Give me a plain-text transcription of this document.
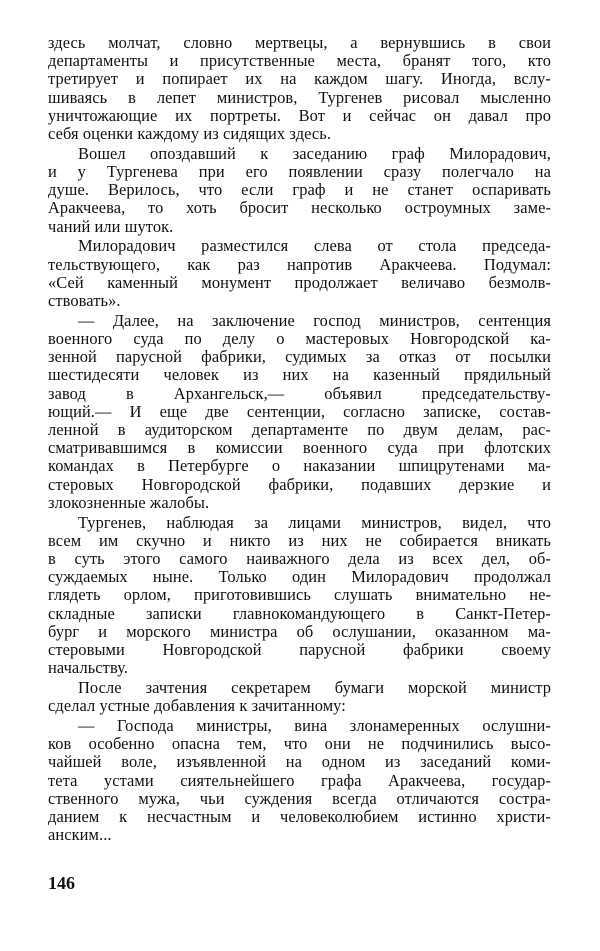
здесь молчат, словно мертвецы, а вернувшись в свои
департаменты и присутственные места, бранят того, кто
третирует и попирает их на каждом шагу. Иногда, вслу-
шиваясь в лепет министров, Тургенев рисовал мысленно
уничтожающие их портреты. Вот и сейчас он давал про
себя оценки каждому из сидящих здесь.
Вошел опоздавший к заседанию граф Милорадович,
и у Тургенева при его появлении сразу полегчало на
душе. Верилось, что если граф и не станет оспаривать
Аракчеева, то хоть бросит несколько остроумных заме-
чаний или шуток.
Милорадович разместился слева от стола председа-
тельствующего, как раз напротив Аракчеева. Подумал:
«Сей каменный монумент продолжает величаво безмолв-
ствовать».
— Далее, на заключение господ министров, сентенция
военного суда по делу о мастеровых Новгородской ка-
зенной парусной фабрики, судимых за отказ от посылки
шестидесяти человек из них на казенный прядильный
завод в Архангельск,— объявил председательству-
ющий.— И еще две сентенции, согласно записке, состав-
ленной в аудиторском департаменте по двум делам, рас-
сматривавшимся в комиссии военного суда при флотских
командах в Петербурге о наказании шпицрутенами ма-
стеровых Новгородской фабрики, подавших дерзкие и
злокозненные жалобы.
Тургенев, наблюдая за лицами министров, видел, что
всем им скучно и никто из них не собирается вникать
в суть этого самого наиважного дела из всех дел, об-
суждаемых ныне. Только один Милорадович продолжал
глядеть орлом, приготовившись слушать внимательно не-
складные записки главнокомандующего в Санкт-Петер-
бург и морского министра об ослушании, оказанном ма-
стеровыми Новгородской парусной фабрики своему
начальству.
После зачтения секретарем бумаги морской министр
сделал устные добавления к зачитанному:
— Господа министры, вина злонамеренных ослушни-
ков особенно опасна тем, что они не подчинились высо-
чайшей воле, изъявленной на одном из заседаний коми-
тета устами сиятельнейшего графа Аракчеева, государ-
ственного мужа, чьи суждения всегда отличаются состра-
данием к несчастным и человеколюбием истинно христи-
анским...
146
